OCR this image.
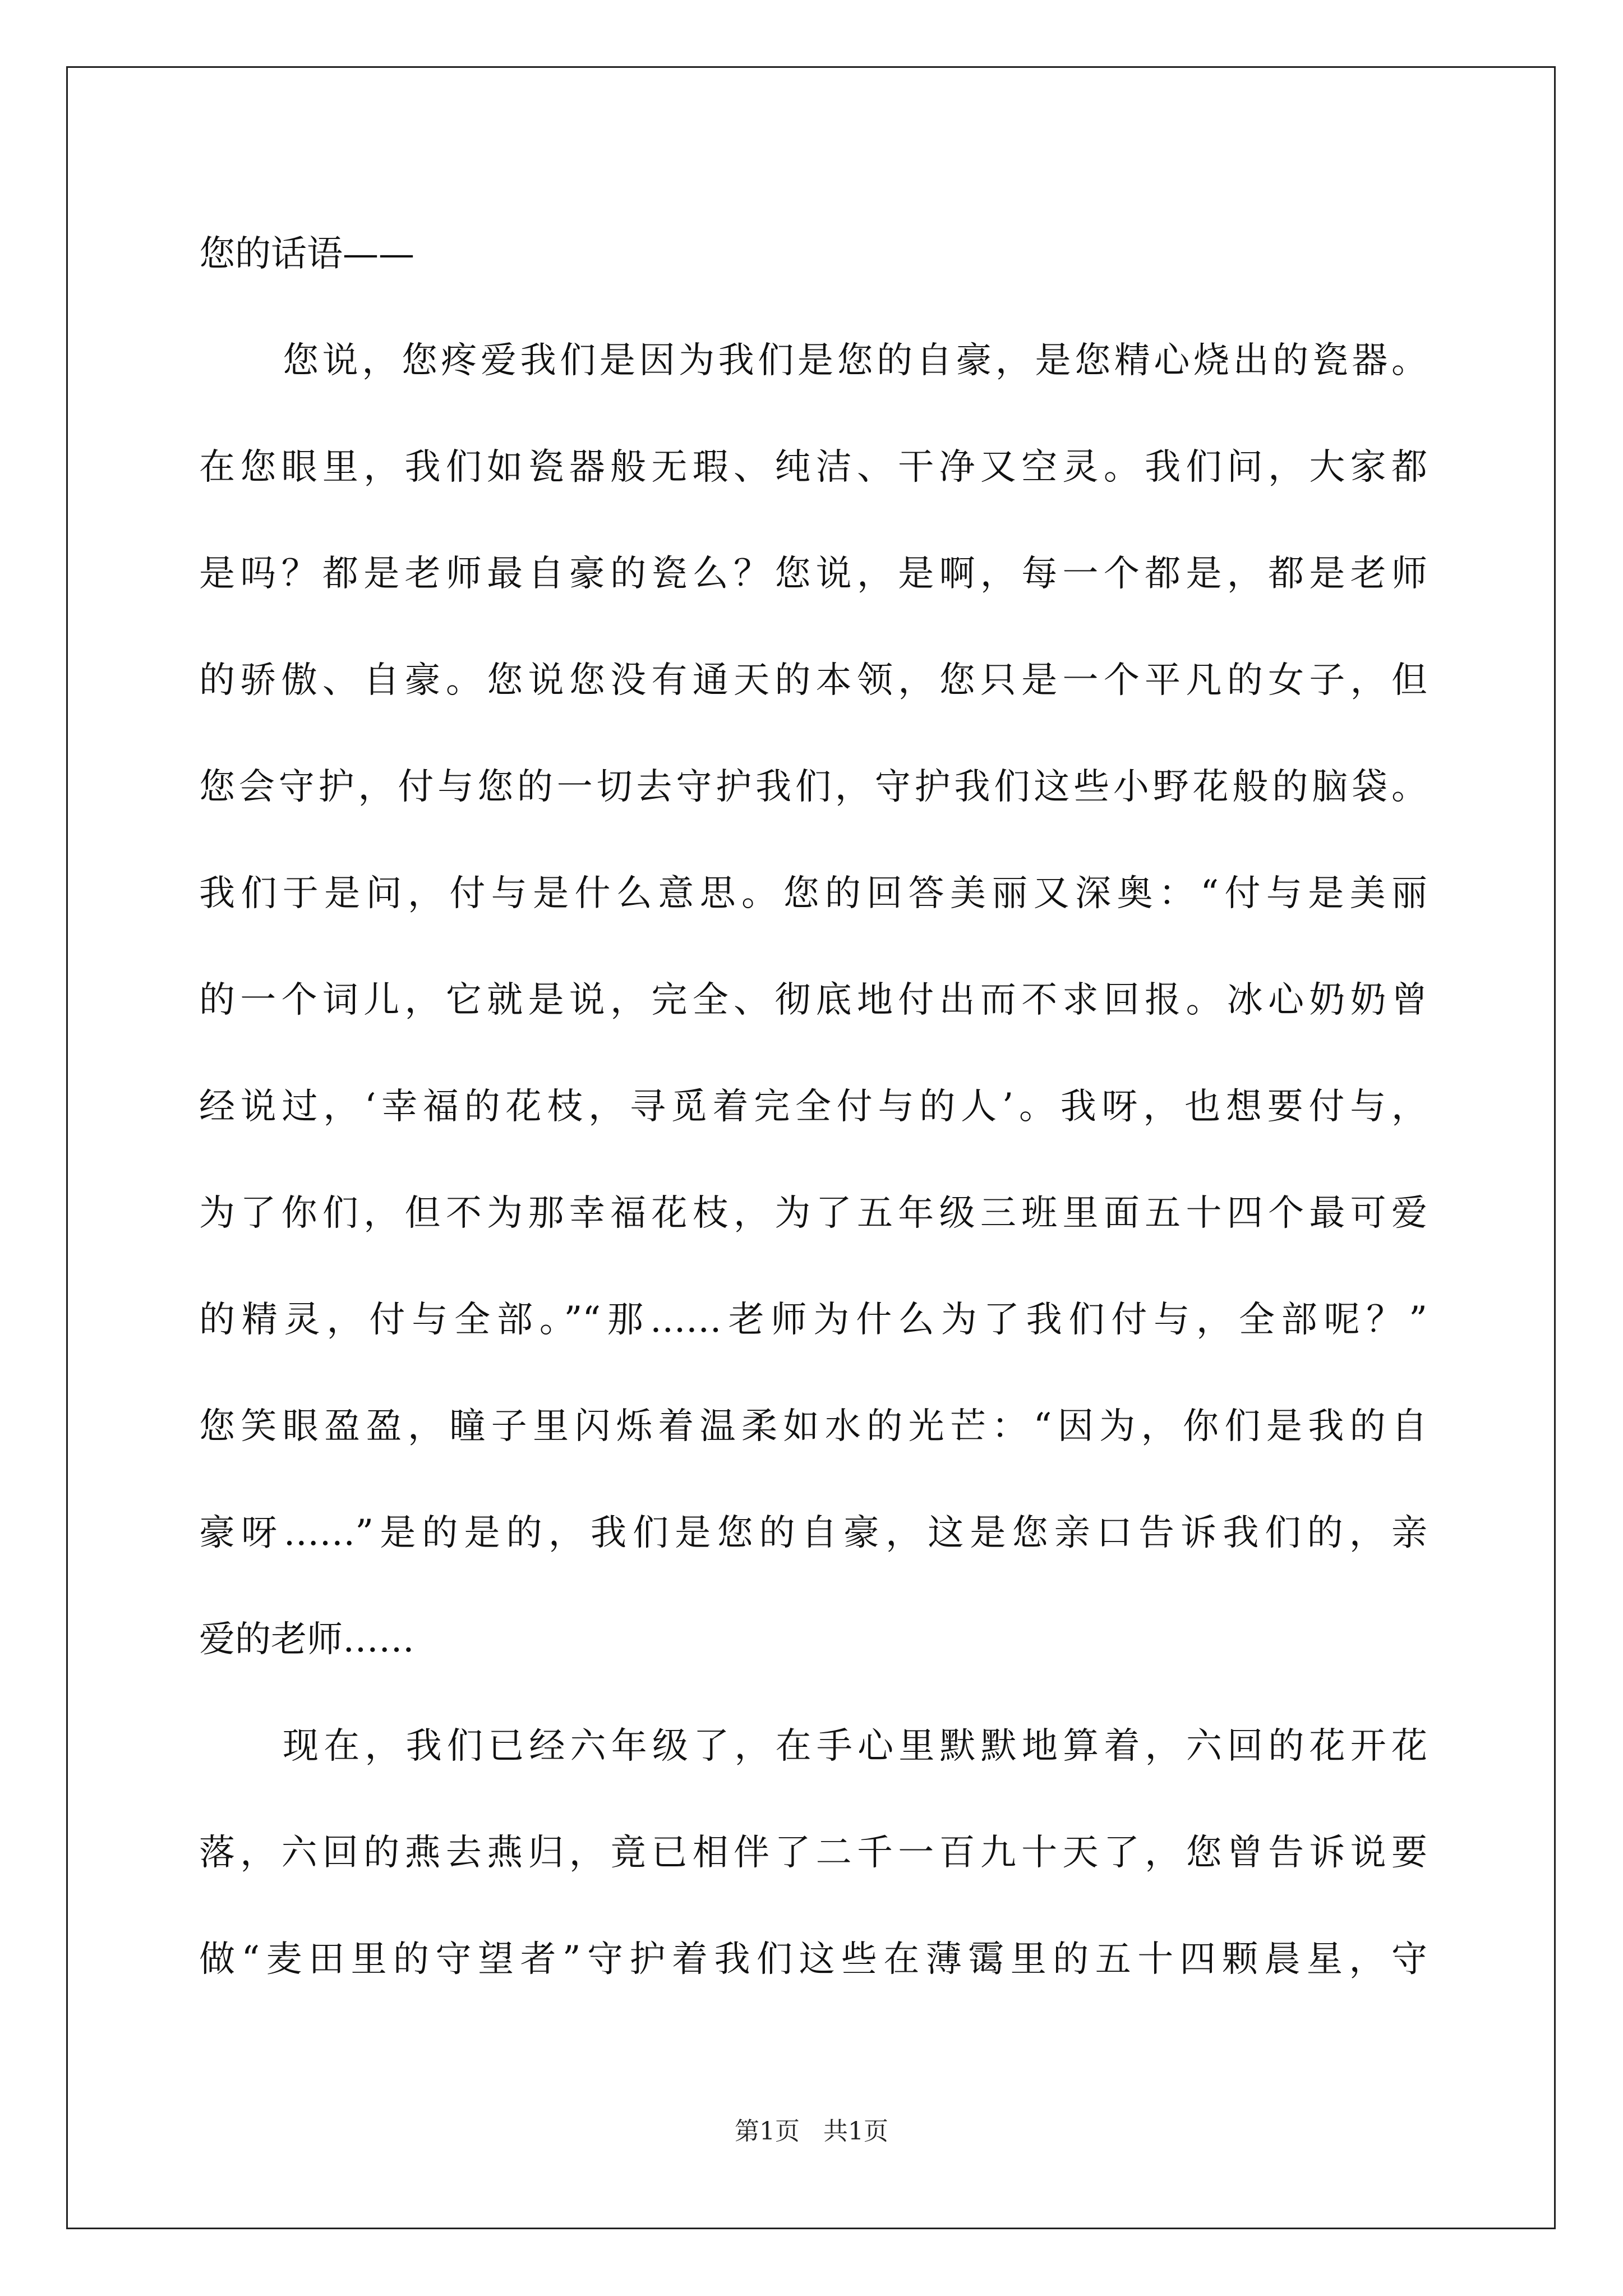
您的话语——
您说，您疼爱我们是因为我们是您的自豪，是您精心烧出的瓷器。
在您眼里，我们如瓷器般无瑕、纯洁、干净又空灵。我们问，大家都
是吗？都是老师最自豪的瓷么？您说，是啊，每一个都是，都是老师
的骄傲、自豪。您说您没有通天的本领，您只是一个平凡的女子，但
您会守护，付与您的一切去守护我们，守护我们这些小野花般的脑袋。
我们于是问，付与是什么意思。您的回答美丽又深奥：“付与是美丽
的一个词儿，它就是说，完全、彻底地付出而不求回报。冰心奶奶曾
经说过，‘幸福的花枝，寻觅着完全付与的人’。我呀，也想要付与，
为了你们，但不为那幸福花枝，为了五年级三班里面五十四个最可爱
的精灵，付与全部。”“那……老师为什么为了我们付与，全部呢？”
您笑眼盈盈，瞳子里闪烁着温柔如水的光芒：“因为，你们是我的自
豪呀……”是的是的，我们是您的自豪，这是您亲口告诉我们的，亲
爱的老师……
现在，我们已经六年级了，在手心里默默地算着，六回的花开花
落，六回的燕去燕归，竟已相伴了二千一百九十天了，您曾告诉说要
做“麦田里的守望者”守护着我们这些在薄霭里的五十四颗晨星，守
第1页   共1页
